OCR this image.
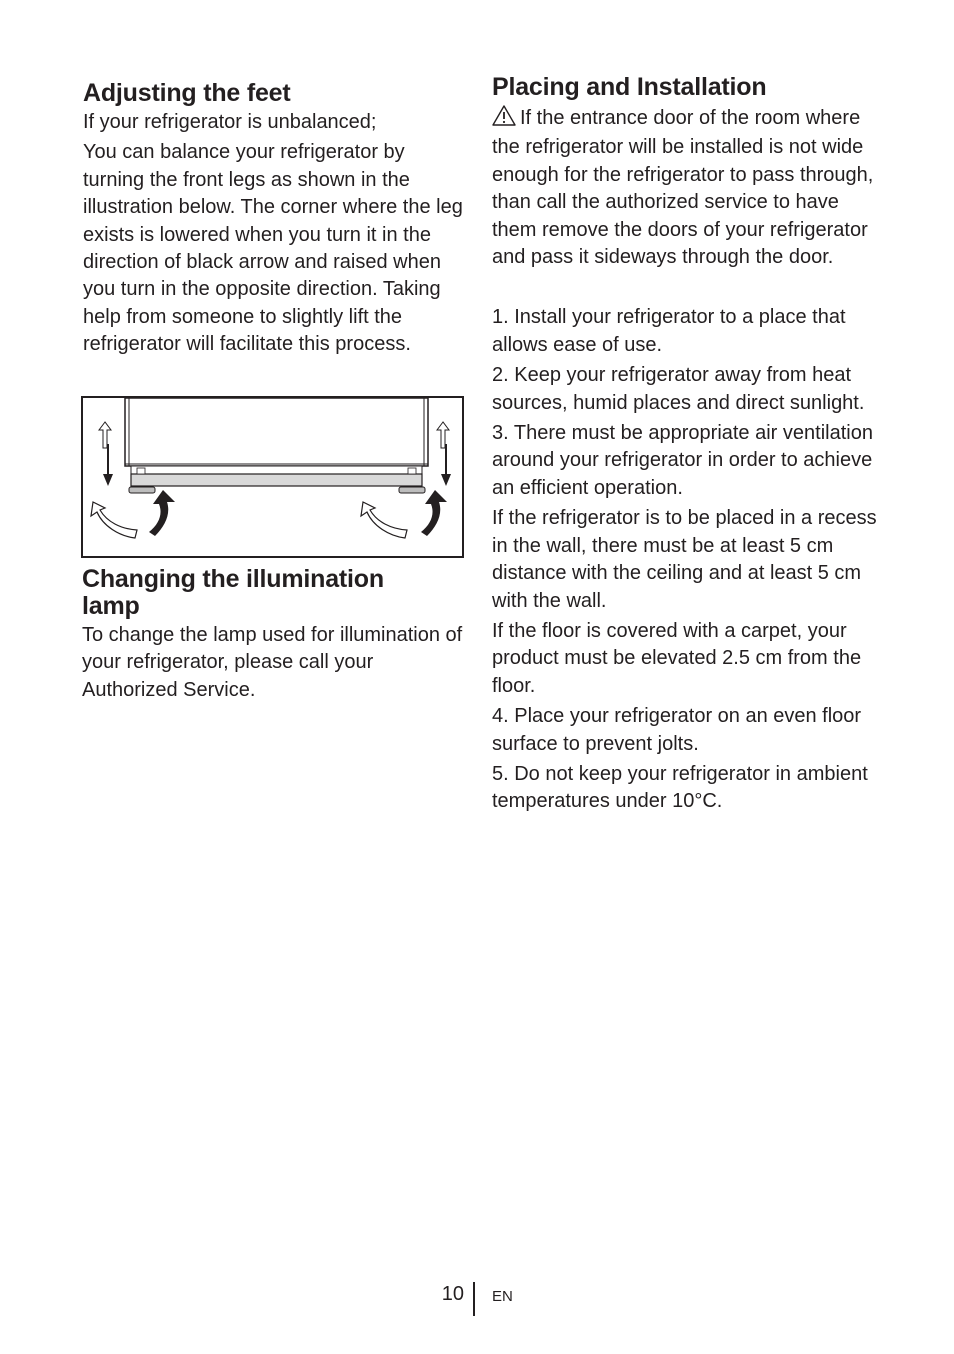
Adjusting the feet

If your refrigerator is unbalanced;

You can balance your refrigerator by turning the front legs as shown in the illustration below. The corner where the leg exists is lowered when you turn it in the direction of black arrow and raised when you turn in the opposite direction. Taking help from someone to slightly lift the refrigerator will facilitate this process.

Changing the illumination lamp

To change the lamp used for illumination of your refrigerator, please call your Authorized Service.

Placing and Installation

If the entrance door of the room where the refrigerator will be installed is not wide enough for the refrigerator to pass through, than call the authorized service to have them remove the doors of your refrigerator and pass it sideways through the door.

1. Install your refrigerator to a place that allows ease of use.

2. Keep your refrigerator away from heat sources, humid places and direct sunlight.

3. There must be appropriate air ventilation around your refrigerator in order to achieve an efficient operation.

If the refrigerator is to be placed in a recess in the wall, there must be at least 5 cm distance with the ceiling and at least 5 cm with the wall.

If the floor is covered with a carpet, your product must be elevated 2.5 cm from the floor.

4. Place your refrigerator on an even floor surface to prevent jolts.

5. Do not keep your refrigerator in ambient temperatures under 10°C.

10 EN
